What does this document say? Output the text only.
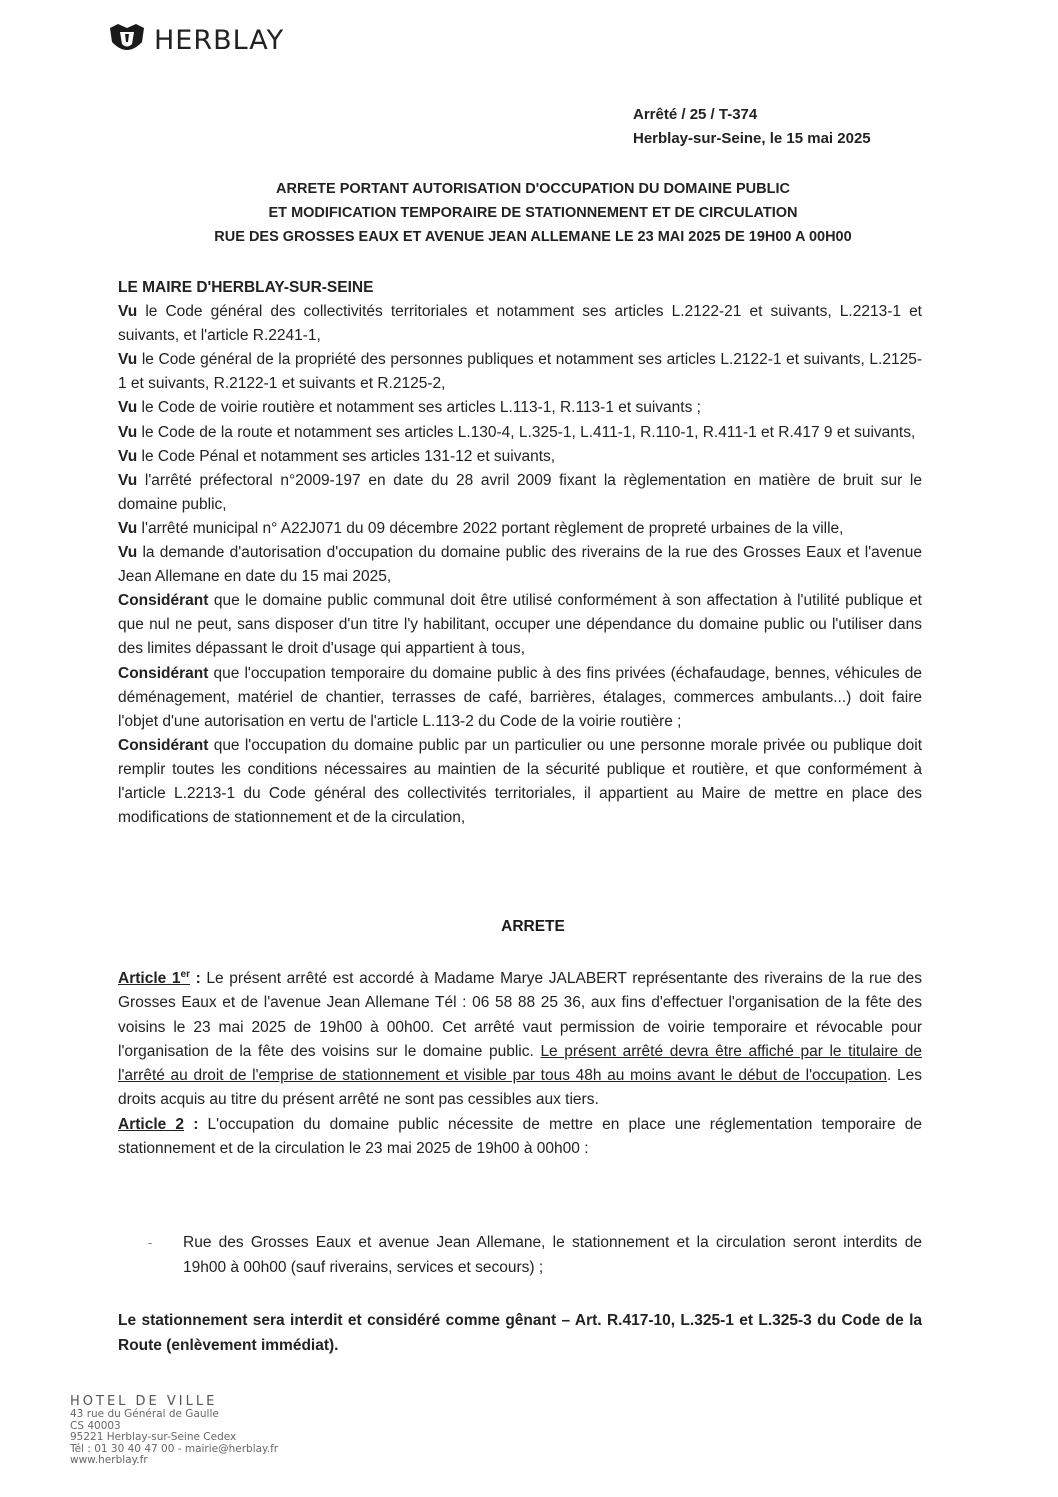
HERBLAY
Arrêté / 25 / T-374
Herblay-sur-Seine, le 15 mai 2025
ARRETE PORTANT AUTORISATION D'OCCUPATION DU DOMAINE PUBLIC
ET MODIFICATION TEMPORAIRE DE STATIONNEMENT ET DE CIRCULATION
RUE DES GROSSES EAUX ET AVENUE JEAN ALLEMANE LE 23 MAI 2025 DE 19H00 A 00H00

LE MAIRE D'HERBLAY-SUR-SEINE

Vu le Code général des collectivités territoriales et notamment ses articles L.2122-21 et suivants, L.2213-1 et suivants, et l'article R.2241-1,

Vu le Code général de la propriété des personnes publiques et notamment ses articles L.2122-1 et suivants, L.2125-1 et suivants, R.2122-1 et suivants et R.2125-2,

Vu le Code de voirie routière et notamment ses articles L.113-1, R.113-1 et suivants ;

Vu le Code de la route et notamment ses articles L.130-4, L.325-1, L.411-1, R.110-1, R.411-1 et R.417 9 et suivants,

Vu le Code Pénal et notamment ses articles 131-12 et suivants,

Vu l'arrêté préfectoral n°2009-197 en date du 28 avril 2009 fixant la règlementation en matière de bruit sur le domaine public,

Vu l'arrêté municipal n° A22J071 du 09 décembre 2022 portant règlement de propreté urbaines de la ville,

Vu la demande d'autorisation d'occupation du domaine public des riverains de la rue des Grosses Eaux et l'avenue Jean Allemane en date du 15 mai 2025,

Considérant que le domaine public communal doit être utilisé conformément à son affectation à l'utilité publique et que nul ne peut, sans disposer d'un titre l'y habilitant, occuper une dépendance du domaine public ou l'utiliser dans des limites dépassant le droit d'usage qui appartient à tous,

Considérant que l'occupation temporaire du domaine public à des fins privées (échafaudage, bennes, véhicules de déménagement, matériel de chantier, terrasses de café, barrières, étalages, commerces ambulants...) doit faire l'objet d'une autorisation en vertu de l'article L.113-2 du Code de la voirie routière ;

Considérant que l'occupation du domaine public par un particulier ou une personne morale privée ou publique doit remplir toutes les conditions nécessaires au maintien de la sécurité publique et routière, et que conformément à l'article L.2213-1 du Code général des collectivités territoriales, il appartient au Maire de mettre en place des modifications de stationnement et de la circulation,

ARRETE

Article 1er : Le présent arrêté est accordé à Madame Marye JALABERT représentante des riverains de la rue des Grosses Eaux et de l'avenue Jean Allemane Tél : 06 58 88 25 36, aux fins d'effectuer l'organisation de la fête des voisins le 23 mai 2025 de 19h00 à 00h00. Cet arrêté vaut permission de voirie temporaire et révocable pour l'organisation de la fête des voisins sur le domaine public. Le présent arrêté devra être affiché par le titulaire de l'arrêté au droit de l'emprise de stationnement et visible par tous 48h au moins avant le début de l'occupation. Les droits acquis au titre du présent arrêté ne sont pas cessibles aux tiers.

Article 2 : L'occupation du domaine public nécessite de mettre en place une réglementation temporaire de stationnement et de la circulation le 23 mai 2025 de 19h00 à 00h00 :

-	Rue des Grosses Eaux et avenue Jean Allemane, le stationnement et la circulation seront interdits de 19h00 à 00h00 (sauf riverains, services et secours) ;
Le stationnement sera interdit et considéré comme gênant – Art. R.417-10, L.325-1 et L.325-3 du Code de la Route (enlèvement immédiat).
HOTEL DE VILLE
43 rue du Général de Gaulle
CS 40003
95221 Herblay-sur-Seine Cedex
Tél : 01 30 40 47 00 - mairie@herblay.fr
www.herblay.fr
